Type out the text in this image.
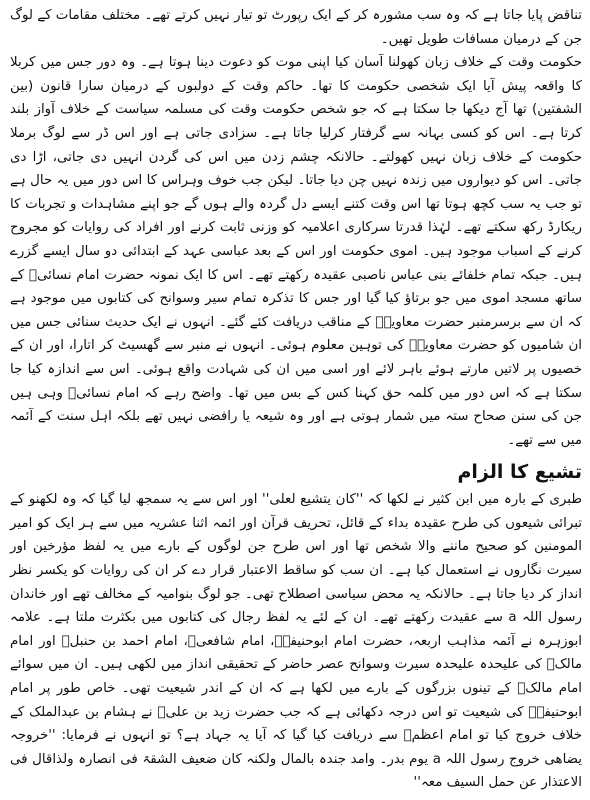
تناقض پایا جاتا ہے کہ وہ سب مشورہ کر کے ایک رپورٹ تو تیار نہیں کرتے تھے۔ مختلف مقامات کے لوگ جن کے درمیان مسافات طویل تھیں۔

حکومت وقت کے خلاف زبان کھولنا آسان کیا اپنی موت کو دعوت دینا ہوتا ہے۔ وہ دور جس میں کربلا کا واقعہ پیش آیا ایک شخصی حکومت کا تھا۔ حاکم وقت کے دولبوں کے درمیان سارا قانون (بین الشفتین) تھا آج دیکھا جا سکتا ہے کہ جو شخص حکومت وقت کی مسلمہ سیاست کے خلاف آواز بلند کرتا ہے۔ اس کو کسی بہانہ سے گرفتار کرلیا جاتا ہے۔ سزادی جاتی ہے اور اس ڈر سے لوگ برملا حکومت کے خلاف زبان نہیں کھولتے۔ حالانکہ چشم زدن میں اس کی گردن انہیں دی جاتی، اڑا دی جاتی۔ اس کو دیواروں میں زندہ نہیں چن دیا جاتا۔ لیکن جب خوف وہراس کا اس دور میں یہ حال ہے تو جب یہ سب کچھ ہوتا تھا اس وقت کتنے ایسے دل گردہ والے ہوں گے جو اپنے مشاہدات و تجربات کا ریکارڈ رکھ سکتے تھے۔ لہٰذا قدرتا سرکاری اعلامیہ کو وزنی ثابت کرنے اور افراد کی روایات کو مجروح کرنے کے اسباب موجود ہیں۔ اموی حکومت اور اس کے بعد عباسی عہد کے ابتدائی دو سال ایسے گزرے ہیں۔ جبکہ تمام خلفائے بنی عباس ناصبی عقیدہ رکھتے تھے۔ اس کا ایک نمونہ حضرت امام نسائیؒ کے ساتھ مسجد اموی میں جو برتاؤ کیا گیا اور جس کا تذکرہ تمام سیر وسوانح کی کتابوں میں موجود ہے کہ ان سے برسرمنبر حضرت معاویہؓ کے مناقب دریافت کئے گئے۔ انہوں نے ایک حدیث سنائی جس میں ان شامیوں کو حضرت معاویہؓ کی توہین معلوم ہوئی۔ انہوں نے منبر سے گھسیٹ کر اتارا، اور ان کے خصیوں پر لاتیں مارتے ہوئے باہر لائے اور اسی میں ان کی شہادت واقع ہوئی۔ اس سے اندازہ کیا جا سکتا ہے کہ اس دور میں کلمہ حق کہنا کس کے بس میں تھا۔ واضح رہے کہ امام نسائیؒ وہی ہیں جن کی سنن صحاح ستہ میں شمار ہوتی ہے اور وہ شیعہ یا رافضی نہیں تھے بلکہ اہل سنت کے آئمہ میں سے تھے۔

تشیع کا الزام

طبری کے بارہ میں ابن کثیر نے لکھا کہ ''کان یتشیع لعلی'' اور اس سے یہ سمجھ لیا گیا کہ وہ لکھنو کے تبرائی شیعوں کی طرح عقیدہ بداء کے قائل، تحریف قرآن اور ائمہ اثنا عشریہ میں سے ہر ایک کو امیر المومنین کو صحیح ماننے والا شخص تھا اور اس طرح جن لوگوں کے بارے میں یہ لفظ مؤرخین اور سیرت نگاروں نے استعمال کیا ہے۔ ان سب کو ساقط الاعتبار قرار دے کر ان کی روایات کو یکسر نظر انداز کر دیا جاتا ہے۔ حالانکہ یہ محض سیاسی اصطلاح تھی۔ جو لوگ بنوامیہ کے مخالف تھے اور خاندان رسول اللہ a سے عقیدت رکھتے تھے۔ ان کے لئے یہ لفظ رجال کی کتابوں میں بکثرت ملتا ہے۔ علامہ ابوزہرہ نے آئمہ مذاہب اربعہ، حضرت امام ابوحنیفہؒ، امام شافعیؒ، امام احمد بن حنبلؒ اور امام مالکؒ کی علیحدہ علیحدہ سیرت وسوانح عصر حاضر کے تحقیقی انداز میں لکھی ہیں۔ ان میں سوائے امام مالکؒ کے تینوں بزرگوں کے بارے میں لکھا ہے کہ ان کے اندر شیعیت تھی۔ خاص طور پر امام ابوحنیفہؒ کی شیعیت تو اس درجہ دکھائی ہے کہ جب حضرت زید بن علیؒ نے ہشام بن عبدالملک کے خلاف خروج کیا تو امام اعظمؒ سے دریافت کیا گیا کہ آیا یہ جہاد ہے؟ تو انہوں نے فرمایا: ''خروجہ یضاھی خروج رسول اللہ a یوم بدر۔ وامد جندہ بالمال ولکنہ کان ضعیف الشقۃ فی انصارہ ولذاقال فی الاعتذار عن حمل السیف معہ''
